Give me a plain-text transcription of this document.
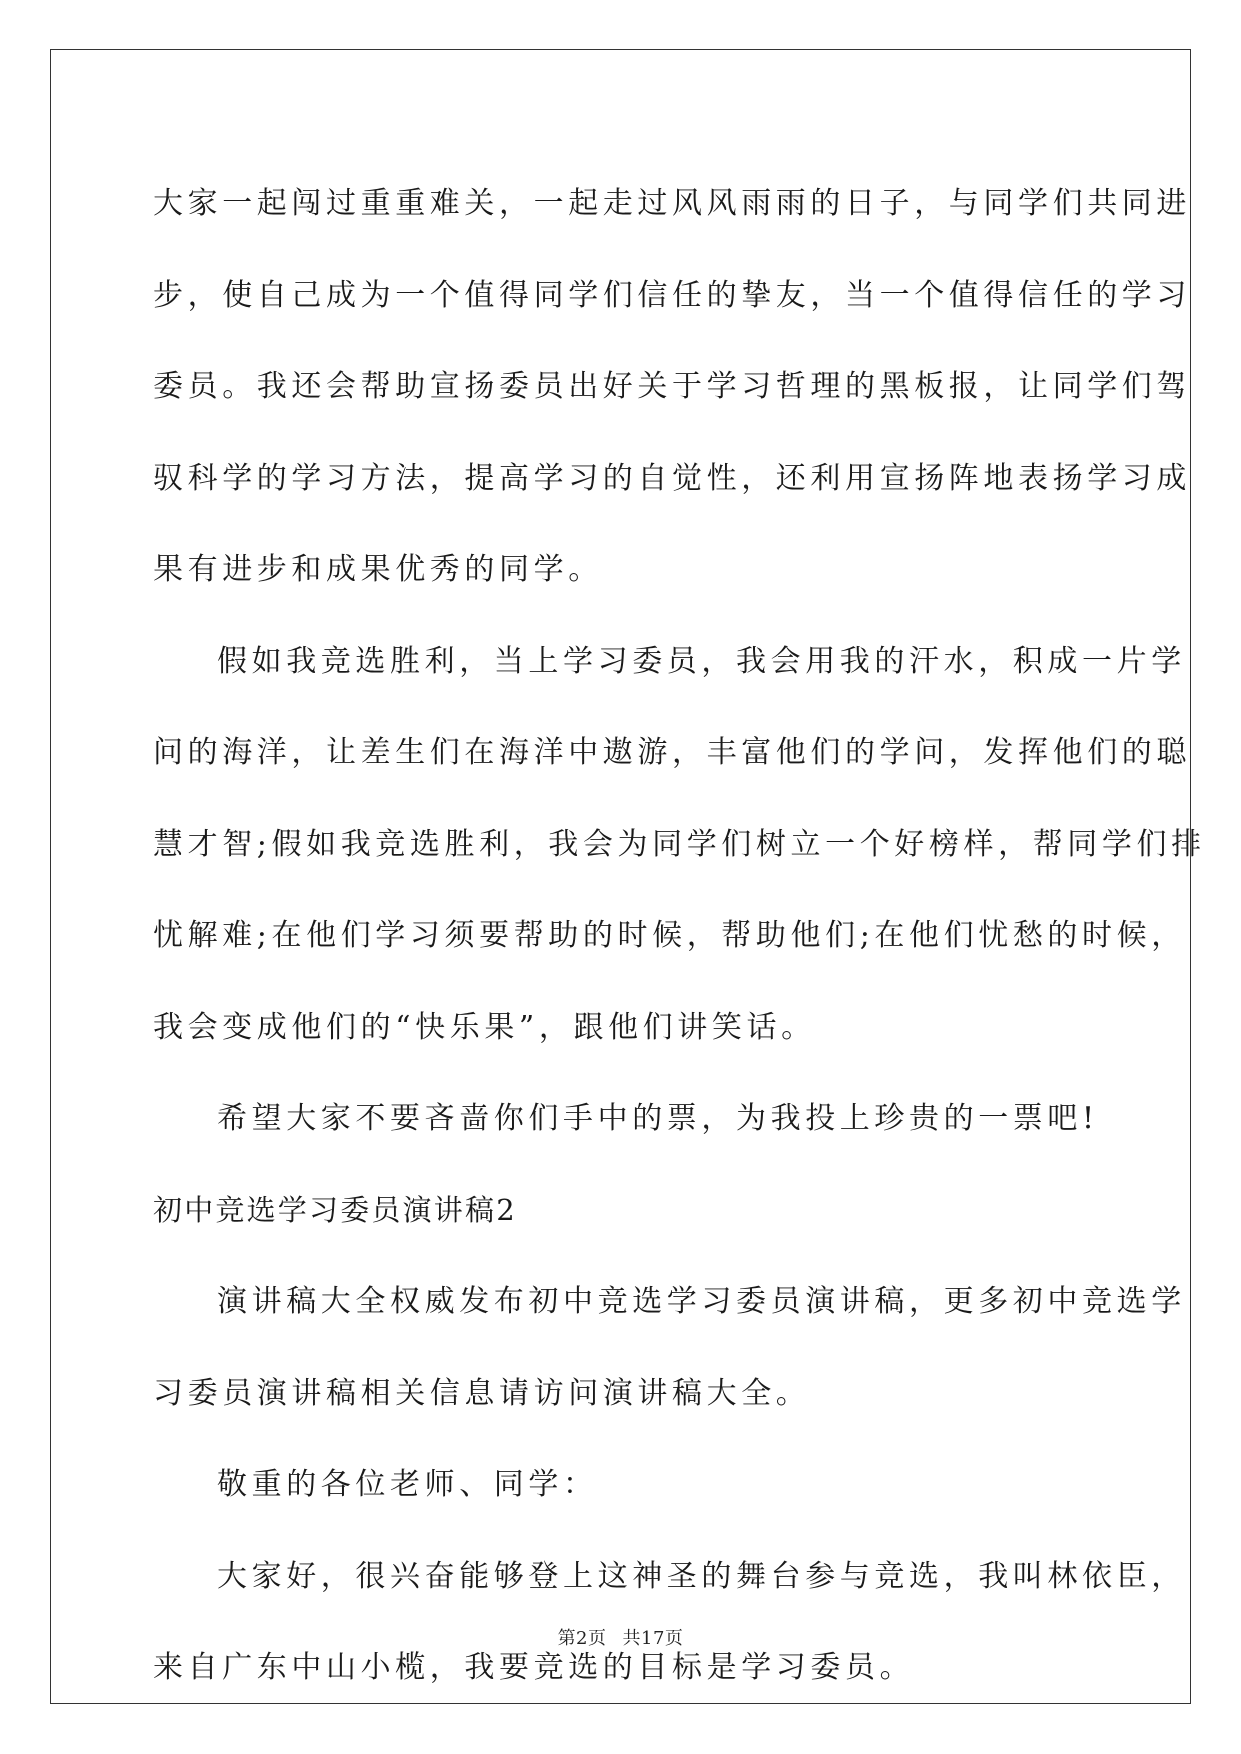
大家一起闯过重重难关，一起走过风风雨雨的日子，与同学们共同进

步，使自己成为一个值得同学们信任的挚友，当一个值得信任的学习

委员。我还会帮助宣扬委员出好关于学习哲理的黑板报，让同学们驾

驭科学的学习方法，提高学习的自觉性，还利用宣扬阵地表扬学习成

果有进步和成果优秀的同学。

假如我竞选胜利，当上学习委员，我会用我的汗水，积成一片学

问的海洋，让差生们在海洋中遨游，丰富他们的学问，发挥他们的聪

慧才智;假如我竞选胜利，我会为同学们树立一个好榜样，帮同学们排

忧解难;在他们学习须要帮助的时候，帮助他们;在他们忧愁的时候，

我会变成他们的“快乐果”，跟他们讲笑话。

希望大家不要吝啬你们手中的票，为我投上珍贵的一票吧!

初中竞选学习委员演讲稿2

演讲稿大全权威发布初中竞选学习委员演讲稿，更多初中竞选学

习委员演讲稿相关信息请访问演讲稿大全。

敬重的各位老师、同学：

大家好，很兴奋能够登上这神圣的舞台参与竞选，我叫林依臣，

来自广东中山小榄，我要竞选的目标是学习委员。

第2页 共17页
